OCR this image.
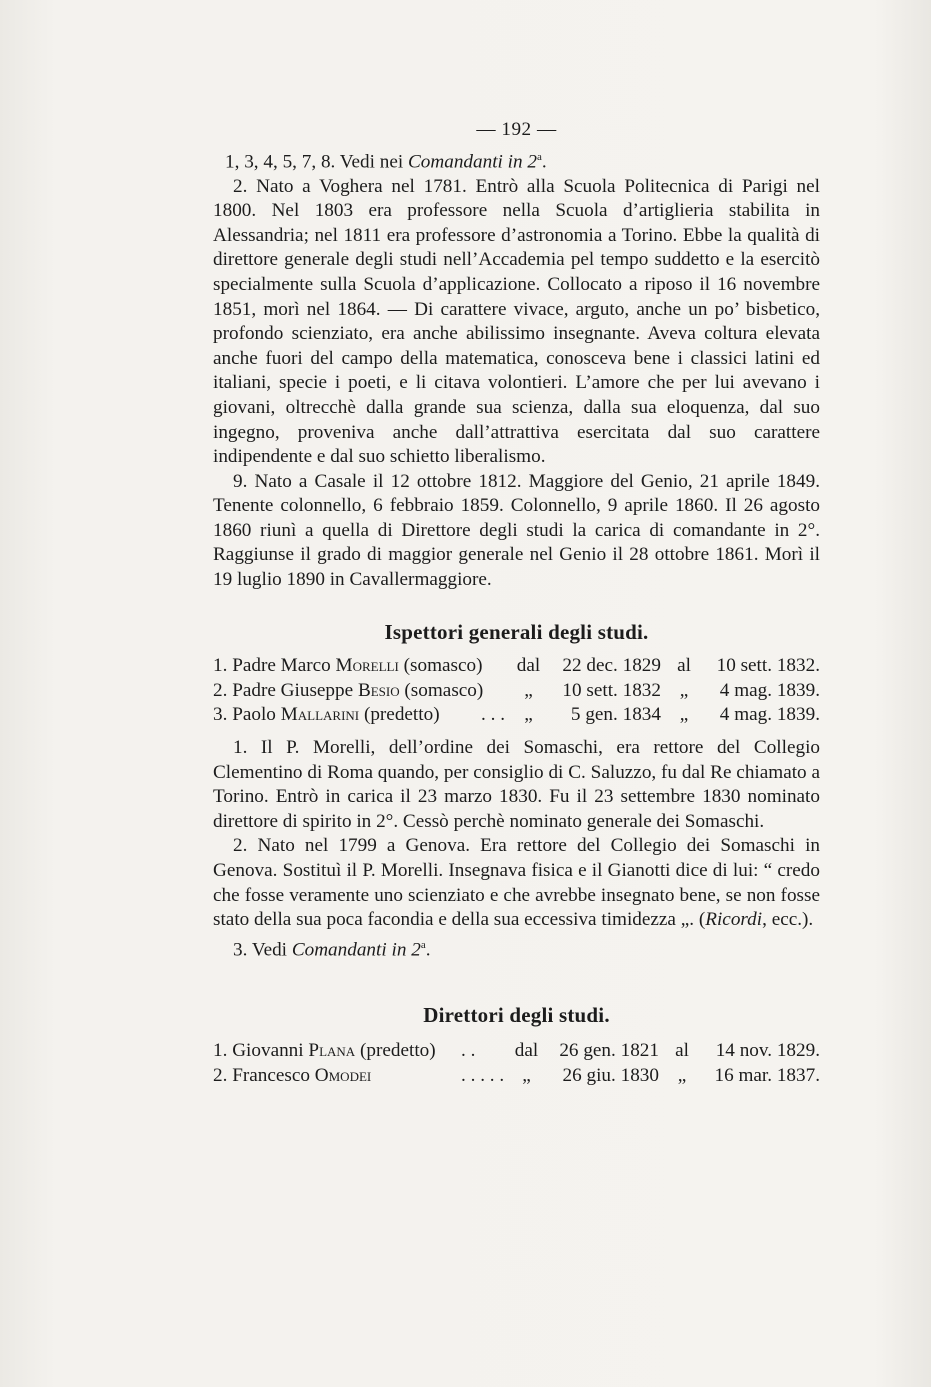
— 192 —

1, 3, 4, 5, 7, 8. Vedi nei Comandanti in 2$^a$.

2. Nato a Voghera nel 1781. Entrò alla Scuola Politecnica di Parigi nel 1800. Nel 1803 era professore nella Scuola d’artiglieria stabilita in Alessandria; nel 1811 era professore d’astronomia a Torino. Ebbe la qualità di direttore generale degli studi nell’Accademia pel tempo suddetto e la esercitò specialmente sulla Scuola d’applicazione. Collocato a riposo il 16 novembre 1851, morì nel 1864. — Di carattere vivace, arguto, anche un po’ bisbetico, profondo scienziato, era anche abilissimo insegnante. Aveva coltura elevata anche fuori del campo della matematica, conosceva bene i classici latini ed italiani, specie i poeti, e li citava volontieri. L’amore che per lui avevano i giovani, oltrecchè dalla grande sua scienza, dalla sua eloquenza, dal suo ingegno, proveniva anche dall’attrattiva esercitata dal suo carattere indipendente e dal suo schietto liberalismo.

9. Nato a Casale il 12 ottobre 1812. Maggiore del Genio, 21 aprile 1849. Tenente colonnello, 6 febbraio 1859. Colonnello, 9 aprile 1860. Il 26 agosto 1860 riunì a quella di Direttore degli studi la carica di comandante in 2°. Raggiunse il grado di maggior generale nel Genio il 28 ottobre 1861. Morì il 19 luglio 1890 in Cavallermaggiore.

Ispettori generali degli studi.
1. Padre Marco Morelli (somasco)	dal	22 dec. 1829 al	10 sett. 1832.
2. Padre Giuseppe Besio (somasco)	„	10 sett. 1832 „	4 mag. 1839.
3. Paolo Mallarini (predetto)	. . .	„	5 gen. 1834 „	4 mag. 1839.

1. Il P. Morelli, dell’ordine dei Somaschi, era rettore del Collegio Clementino di Roma quando, per consiglio di C. Saluzzo, fu dal Re chiamato a Torino. Entrò in carica il 23 marzo 1830. Fu il 23 settembre 1830 nominato direttore di spirito in 2°. Cessò perchè nominato generale dei Somaschi.

2. Nato nel 1799 a Genova. Era rettore del Collegio dei Somaschi in Genova. Sostituì il P. Morelli. Insegnava fisica e il Gianotti dice di lui: “ credo che fosse veramente uno scienziato e che avrebbe insegnato bene, se non fosse stato della sua poca facondia e della sua eccessiva timidezza „. (Ricordi, ecc.).

3. Vedi Comandanti in 2$^a$.

Direttori degli studi.
1. Giovanni Plana (predetto)	. .	dal	26 gen. 1821 al	14 nov. 1829.
2. Francesco Omodei	. . . . . „	26 giu. 1830 „	16 mar. 1837.
